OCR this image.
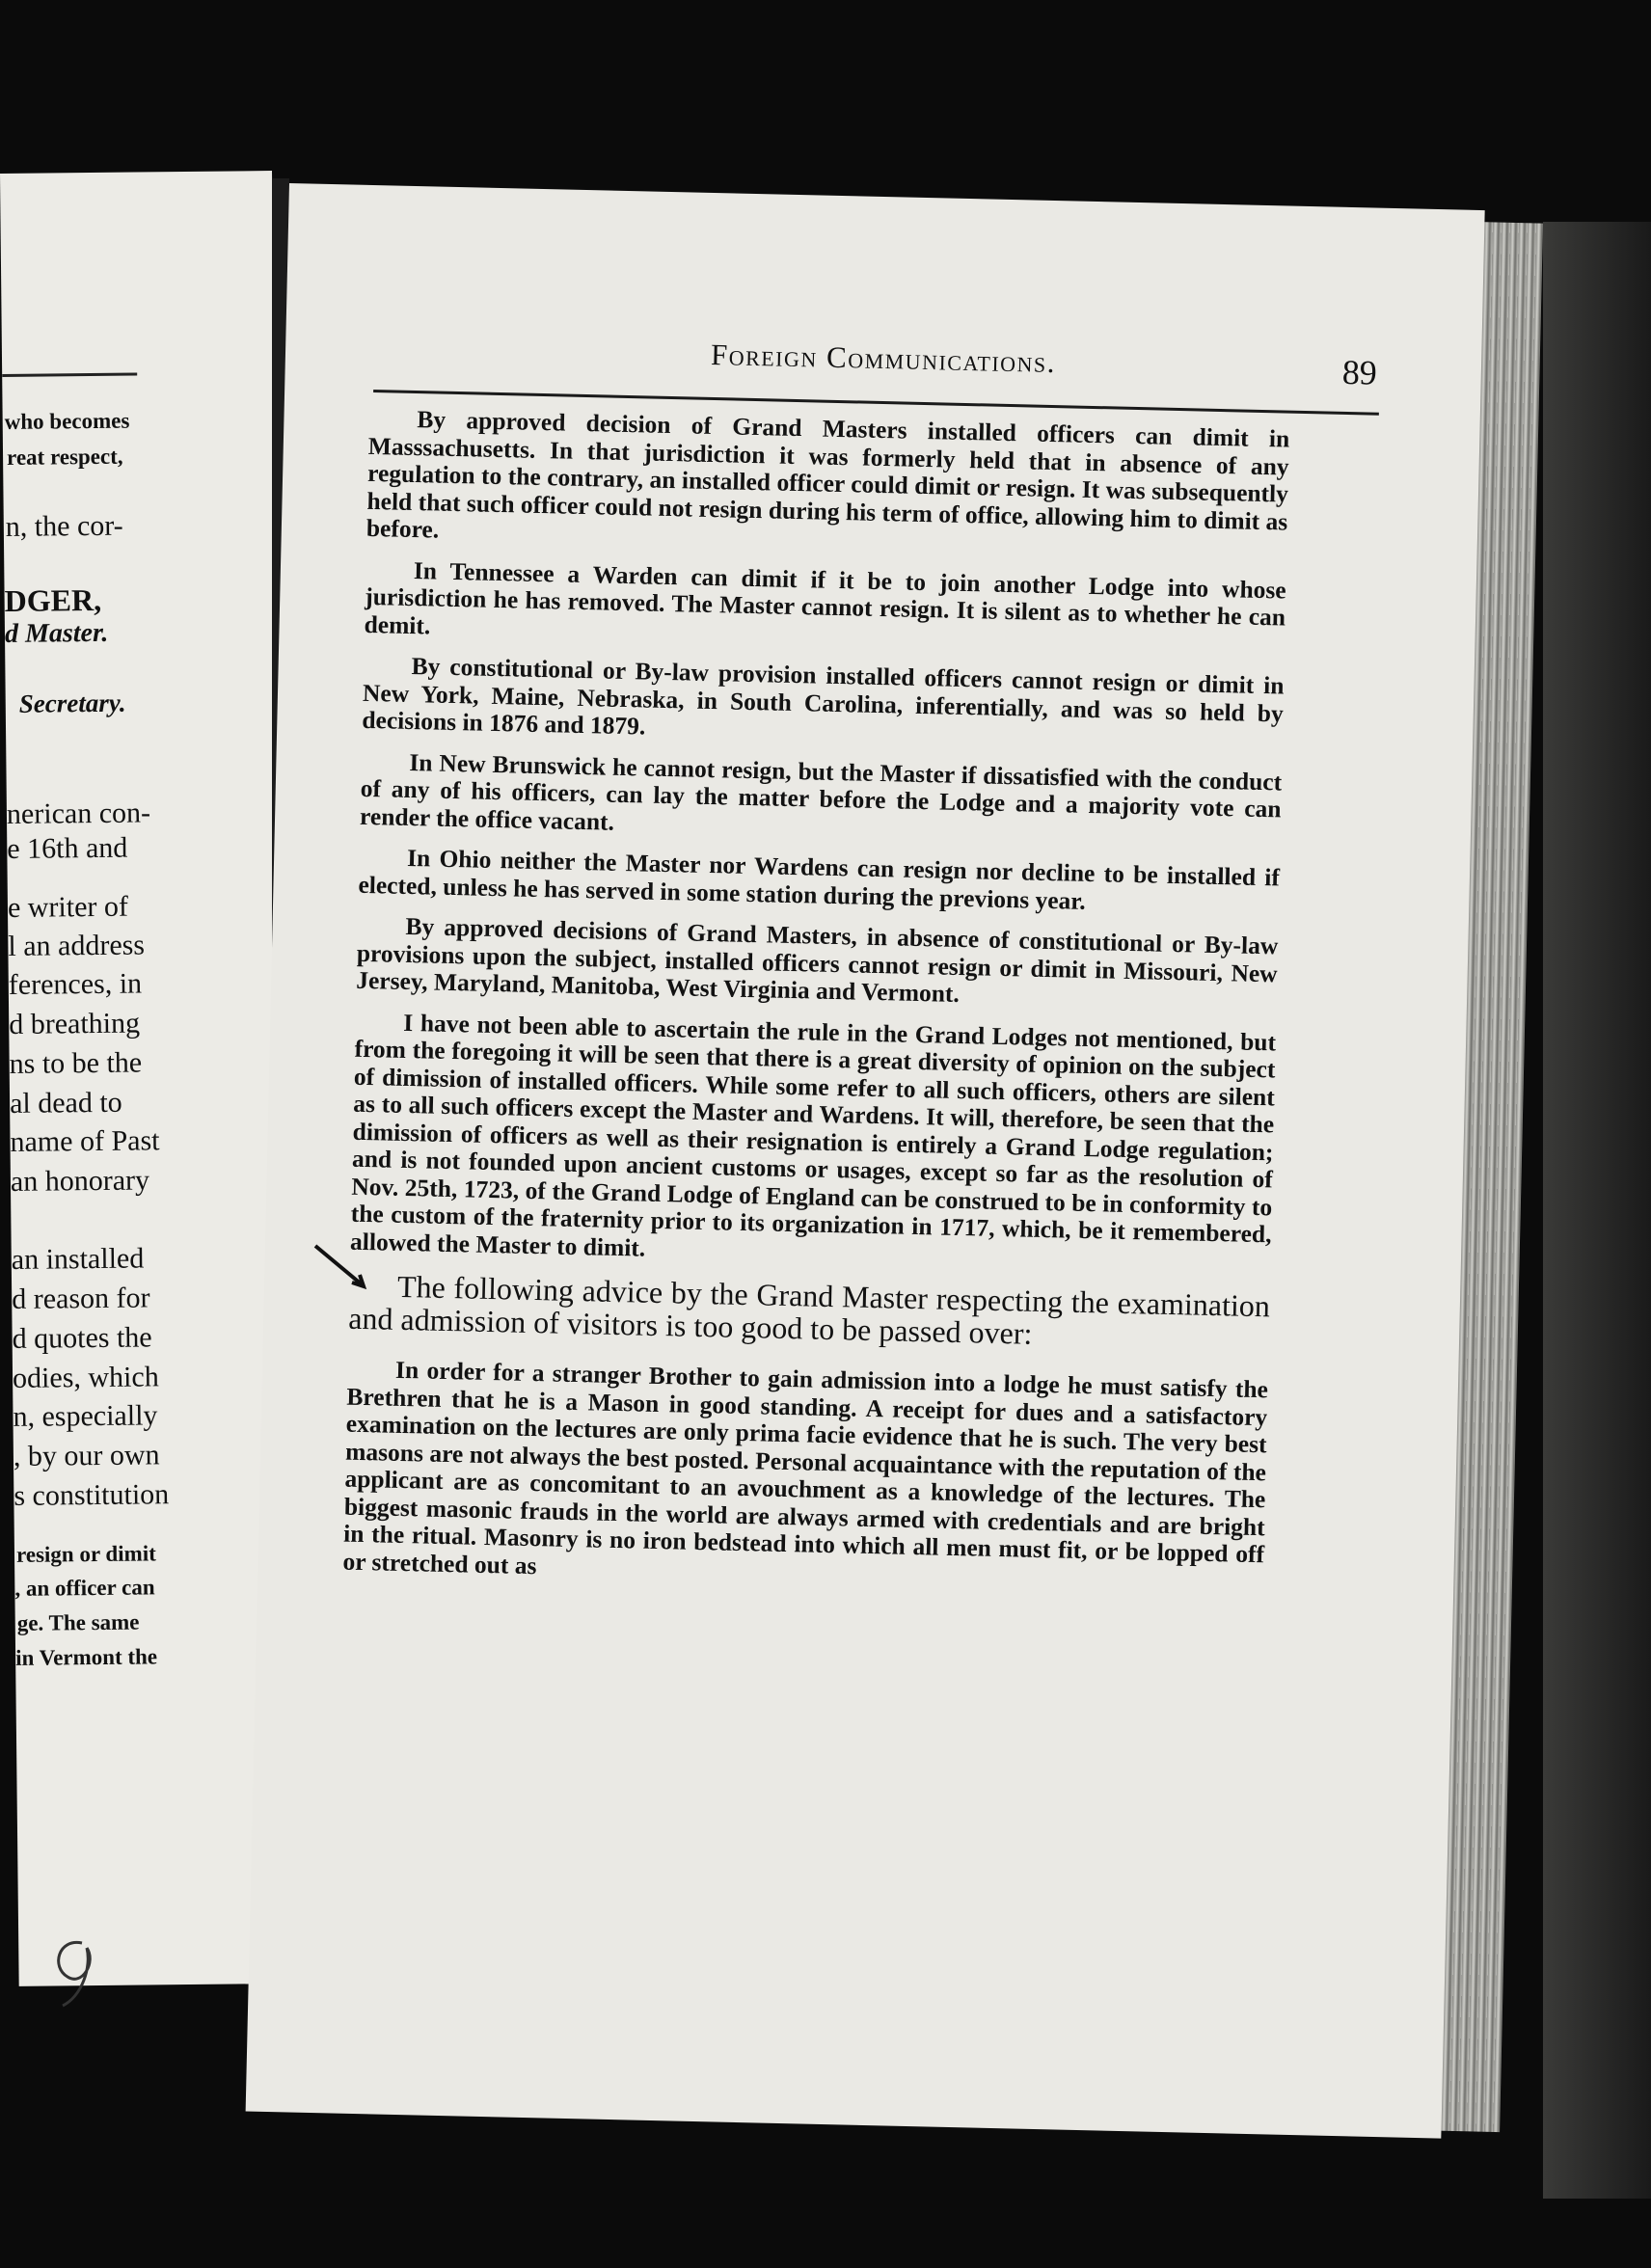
who becomes
reat respect,
n, the cor-
DGER,
d Master.
Secretary.
nerican con-
e 16th and
e writer of
l an address
ferences, in
d breathing
ns to be the
al dead to
name of Past
an honorary
an installed
d reason for
d quotes the
odies, which
n, especially
, by our own
s constitution
resign or dimit
, an officer can
ge. The same
in Vermont the
Foreign Communications.	89

By approved decision of Grand Masters installed officers can dimit in Masssachusetts. In that jurisdiction it was formerly held that in absence of any regulation to the contrary, an installed officer could dimit or resign. It was subsequently held that such officer could not resign during his term of office, allowing him to dimit as before.

In Tennessee a Warden can dimit if it be to join another Lodge into whose jurisdiction he has removed. The Master cannot resign. It is silent as to whether he can demit.

By constitutional or By-law provision installed officers cannot resign or dimit in New York, Maine, Nebraska, in South Carolina, inferentially, and was so held by decisions in 1876 and 1879.

In New Brunswick he cannot resign, but the Master if dissatisfied with the conduct of any of his officers, can lay the matter before the Lodge and a majority vote can render the office vacant.

In Ohio neither the Master nor Wardens can resign nor decline to be installed if elected, unless he has served in some station during the previons year.

By approved decisions of Grand Masters, in absence of constitutional or By-law provisions upon the subject, installed officers cannot resign or dimit in Missouri, New Jersey, Maryland, Manitoba, West Virginia and Vermont.

I have not been able to ascertain the rule in the Grand Lodges not mentioned, but from the foregoing it will be seen that there is a great diversity of opinion on the subject of dimission of installed officers. While some refer to all such officers, others are silent as to all such officers except the Master and Wardens. It will, therefore, be seen that the dimission of officers as well as their resignation is entirely a Grand Lodge regulation; and is not founded upon ancient customs or usages, except so far as the resolution of Nov. 25th, 1723, of the Grand Lodge of England can be construed to be in conformity to the custom of the fraternity prior to its organization in 1717, which, be it remembered, allowed the Master to dimit.

The following advice by the Grand Master respecting the examination and admission of visitors is too good to be passed over:

In order for a stranger Brother to gain admission into a lodge he must satisfy the Brethren that he is a Mason in good standing. A receipt for dues and a satisfactory examination on the lectures are only prima facie evidence that he is such. The very best masons are not always the best posted. Personal acquaintance with the reputation of the applicant are as concomitant to an avouchment as a knowledge of the lectures. The biggest masonic frauds in the world are always armed with credentials and are bright in the ritual. Masonry is no iron bedstead into which all men must fit, or be lopped off or stretched out as
